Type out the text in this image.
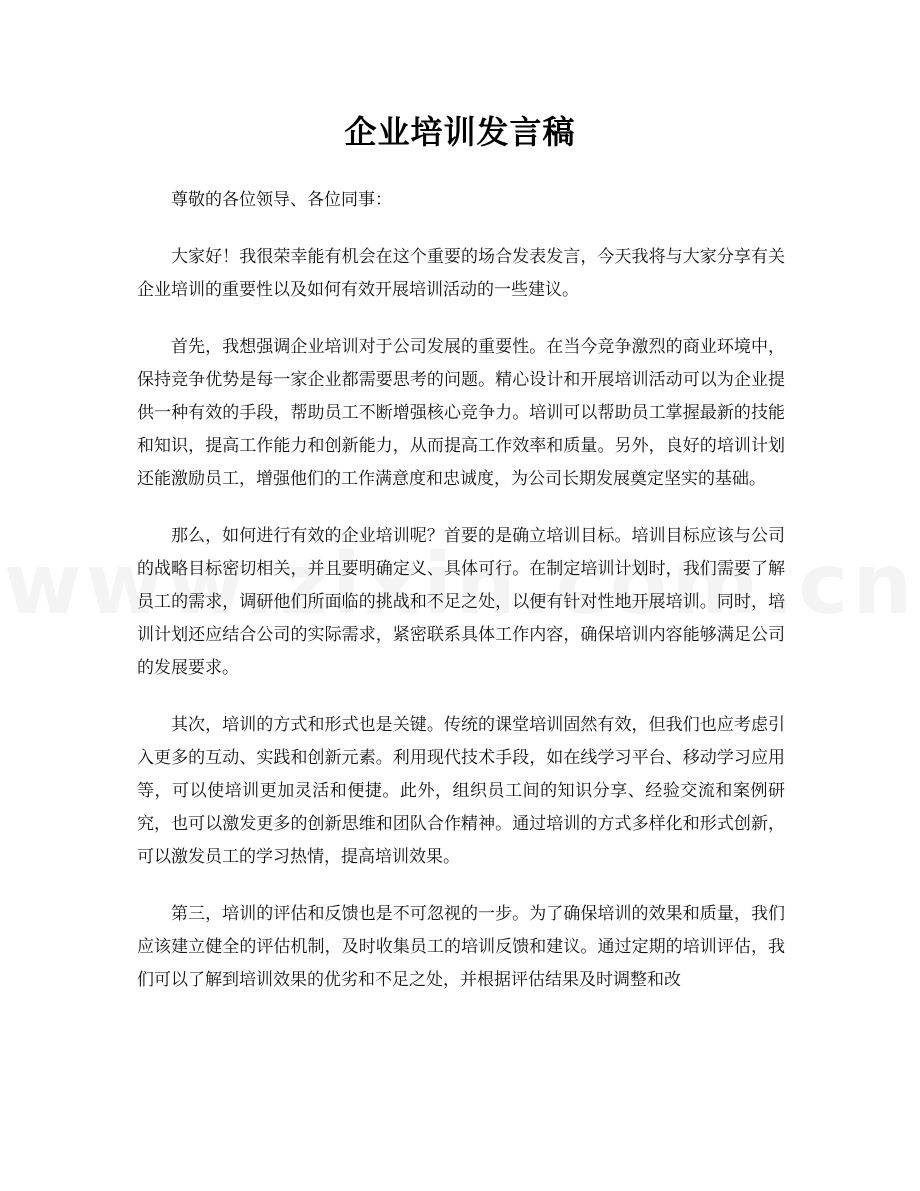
企业培训发言稿

尊敬的各位领导、各位同事：

大家好！我很荣幸能有机会在这个重要的场合发表发言，今天我将与大家分享有关企业培训的重要性以及如何有效开展培训活动的一些建议。

首先，我想强调企业培训对于公司发展的重要性。在当今竞争激烈的商业环境中，保持竞争优势是每一家企业都需要思考的问题。精心设计和开展培训活动可以为企业提供一种有效的手段，帮助员工不断增强核心竞争力。培训可以帮助员工掌握最新的技能和知识，提高工作能力和创新能力，从而提高工作效率和质量。另外，良好的培训计划还能激励员工，增强他们的工作满意度和忠诚度，为公司长期发展奠定坚实的基础。

那么，如何进行有效的企业培训呢？首要的是确立培训目标。培训目标应该与公司的战略目标密切相关，并且要明确定义、具体可行。在制定培训计划时，我们需要了解员工的需求，调研他们所面临的挑战和不足之处，以便有针对性地开展培训。同时，培训计划还应结合公司的实际需求，紧密联系具体工作内容，确保培训内容能够满足公司的发展要求。

其次，培训的方式和形式也是关键。传统的课堂培训固然有效，但我们也应考虑引入更多的互动、实践和创新元素。利用现代技术手段，如在线学习平台、移动学习应用等，可以使培训更加灵活和便捷。此外，组织员工间的知识分享、经验交流和案例研究，也可以激发更多的创新思维和团队合作精神。通过培训的方式多样化和形式创新，可以激发员工的学习热情，提高培训效果。

第三，培训的评估和反馈也是不可忽视的一步。为了确保培训的效果和质量，我们应该建立健全的评估机制，及时收集员工的培训反馈和建议。通过定期的培训评估，我们可以了解到培训效果的优劣和不足之处，并根据评估结果及时调整和改
